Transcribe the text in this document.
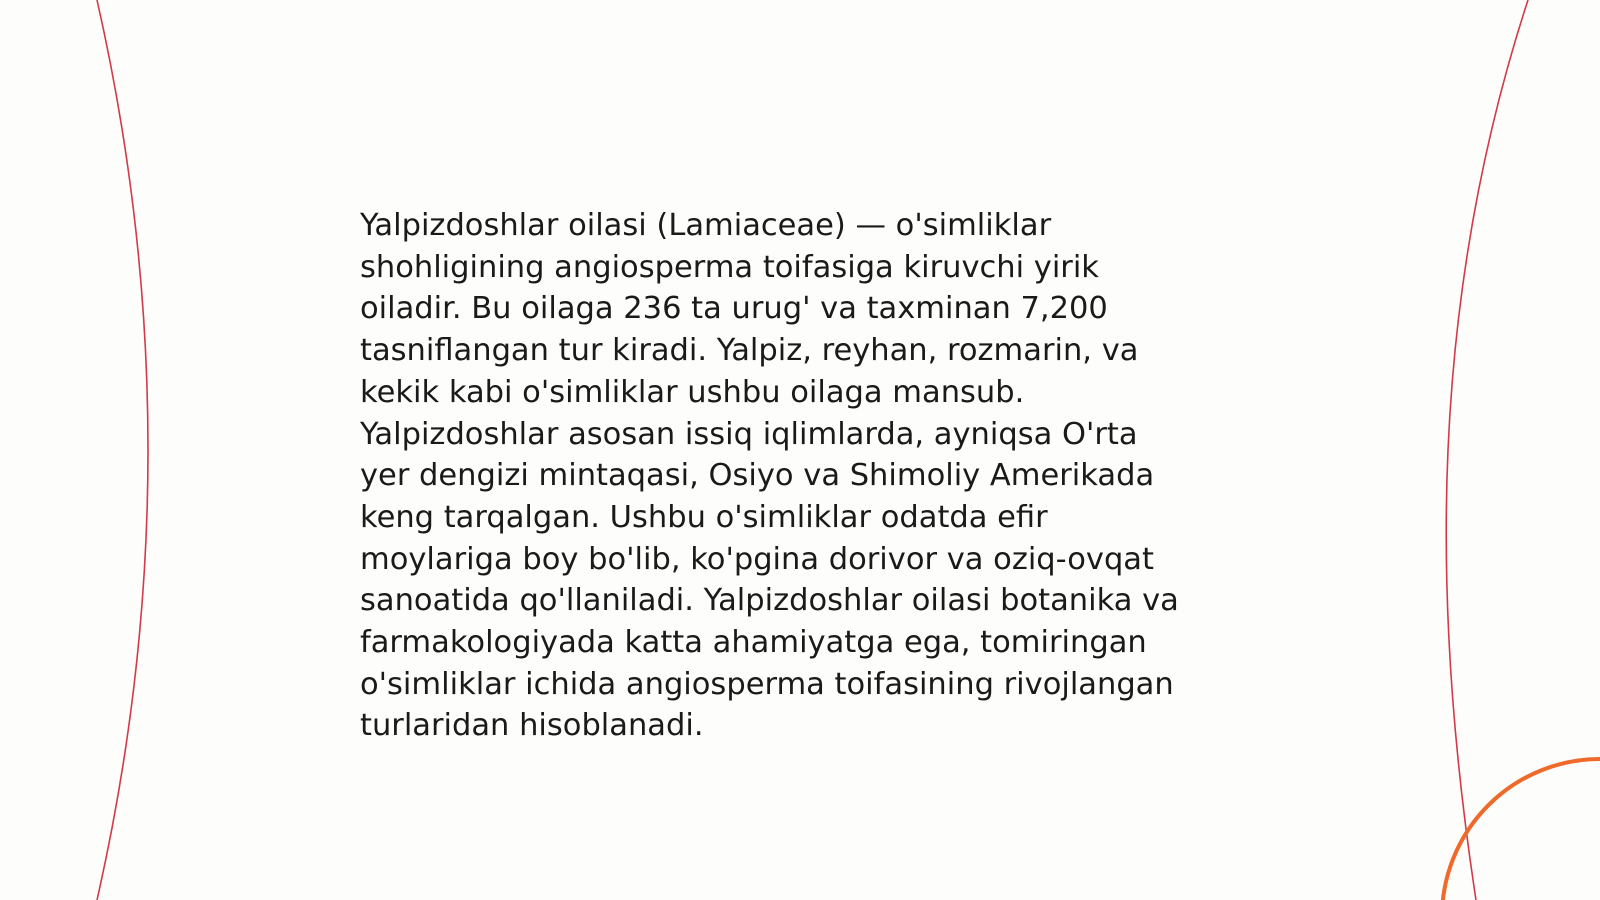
Yalpizdoshlar oilasi (Lamiaceae) — o'simliklar
shohligining angiosperma toifasiga kiruvchi yirik
oiladir. Bu oilaga 236 ta urug' va taxminan 7,200
tasniflangan tur kiradi. Yalpiz, reyhan, rozmarin, va
kekik kabi o'simliklar ushbu oilaga mansub.
Yalpizdoshlar asosan issiq iqlimlarda, ayniqsa O'rta
yer dengizi mintaqasi, Osiyo va Shimoliy Amerikada
keng tarqalgan. Ushbu o'simliklar odatda efir
moylariga boy bo'lib, ko'pgina dorivor va oziq-ovqat
sanoatida qo'llaniladi. Yalpizdoshlar oilasi botanika va
farmakologiyada katta ahamiyatga ega, tomiringan
o'simliklar ichida angiosperma toifasining rivojlangan
turlaridan hisoblanadi.
